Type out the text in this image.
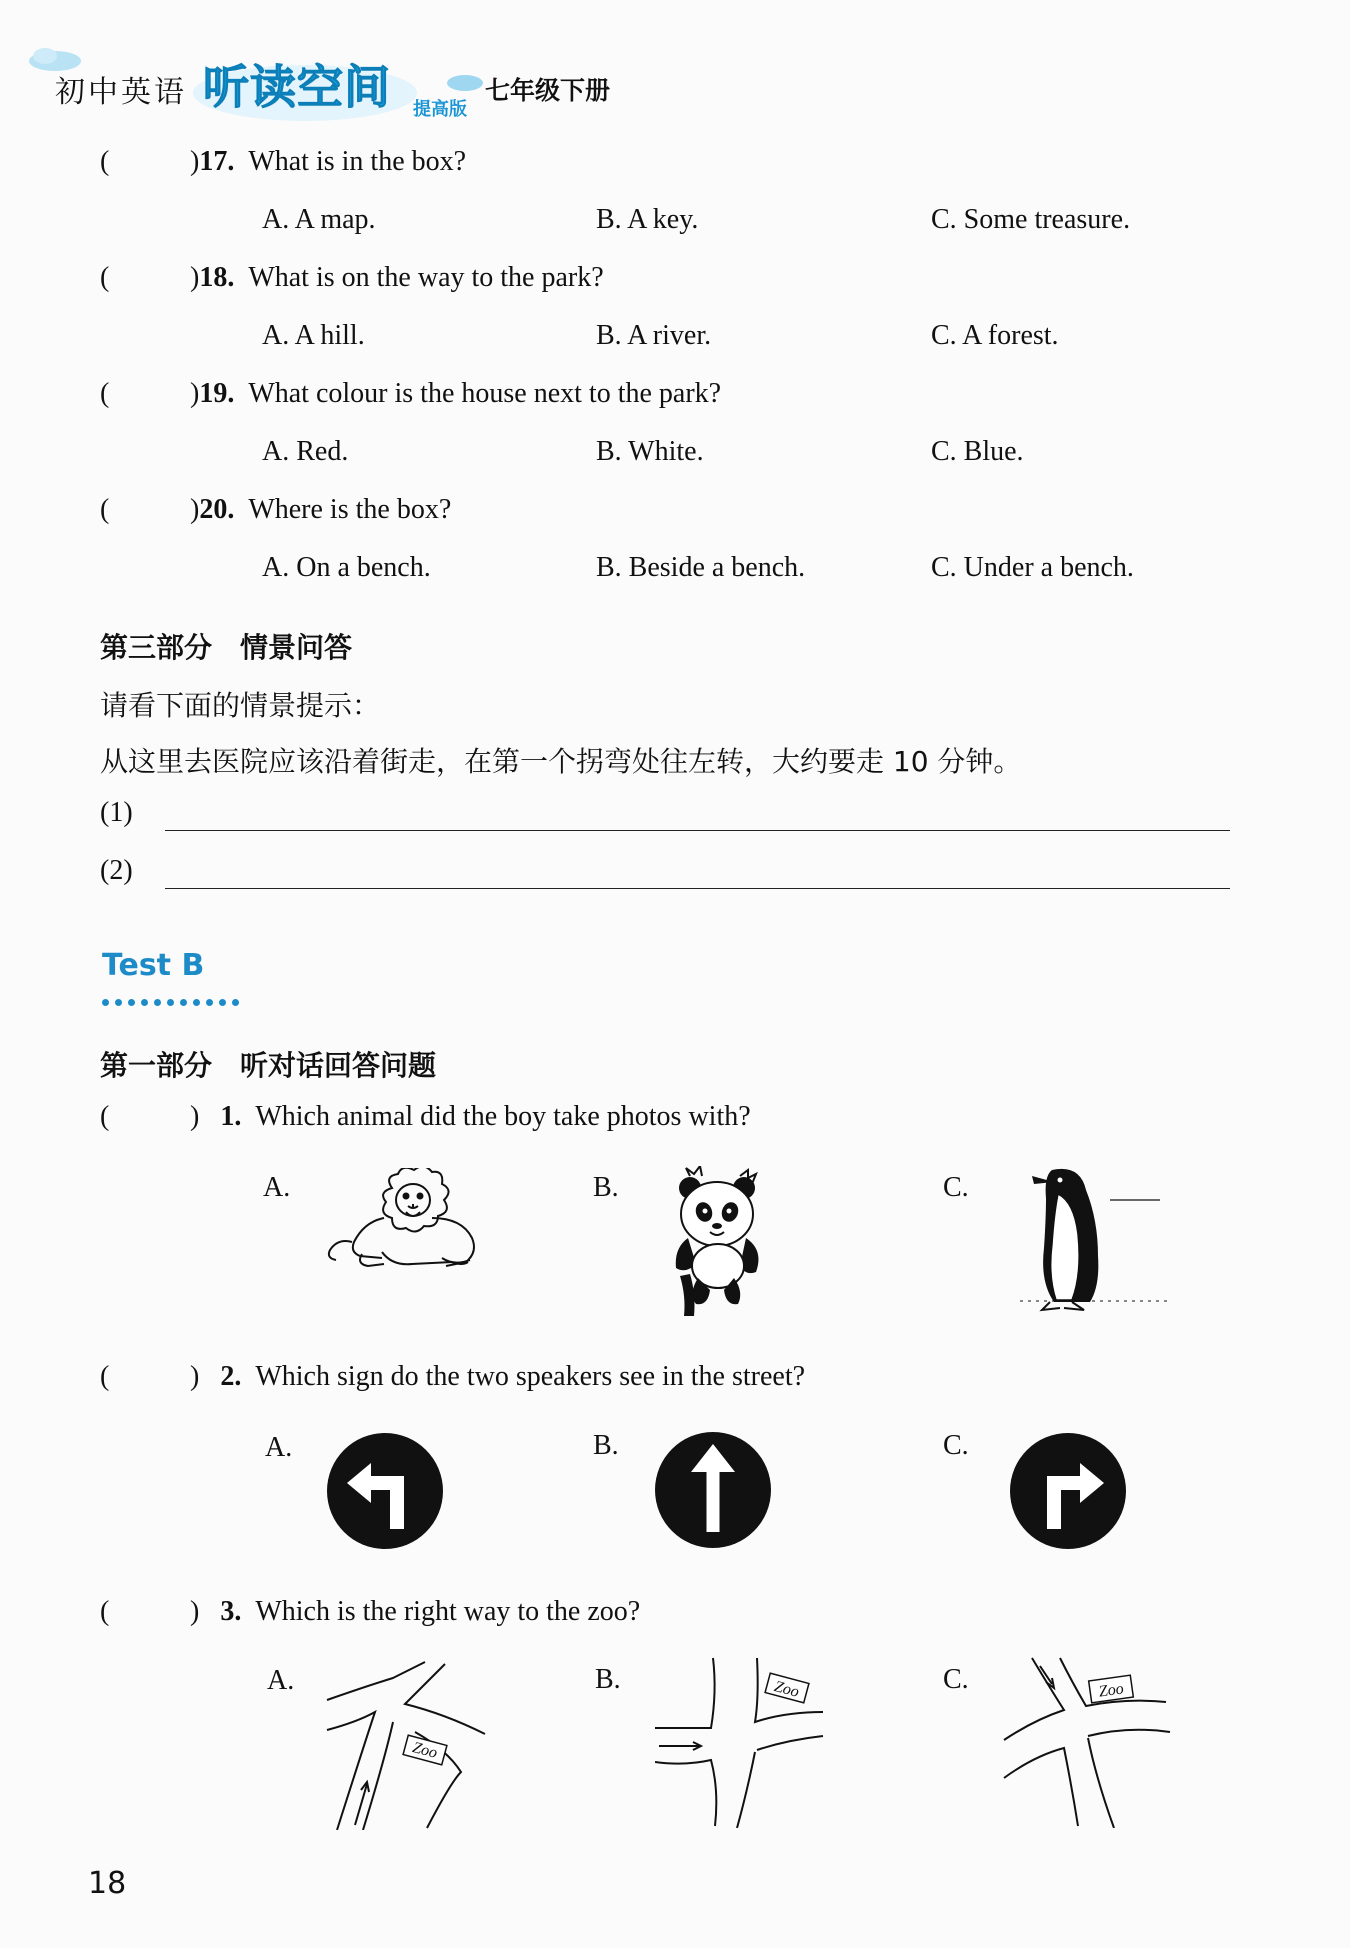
初中英语 听读空间 提高版
七年级下册
(	)17. What is in the box?
A. A map.	B. A key.	C. Some treasure.
(	)18. What is on the way to the park?
A. A hill.	B. A river.	C. A forest.
(	)19. What colour is the house next to the park?
A. Red.	B. White.	C. Blue.
(	)20. Where is the box?
A. On a bench.	B. Beside a bench.	C. Under a bench.
第三部分　情景问答
请看下面的情景提示：
从这里去医院应该沿着街走，在第一个拐弯处往左转，大约要走 10 分钟。
(1)
(2)
Test B
第一部分　听对话回答问题
(	)   1. Which animal did the boy take photos with?
A.	B.	C.
(	)   2. Which sign do the two speakers see in the street?
A.	B.	C.
(	)   3. Which is the right way to the zoo?
A.	B.	C.
Zoo
Zoo	Zoo
18
